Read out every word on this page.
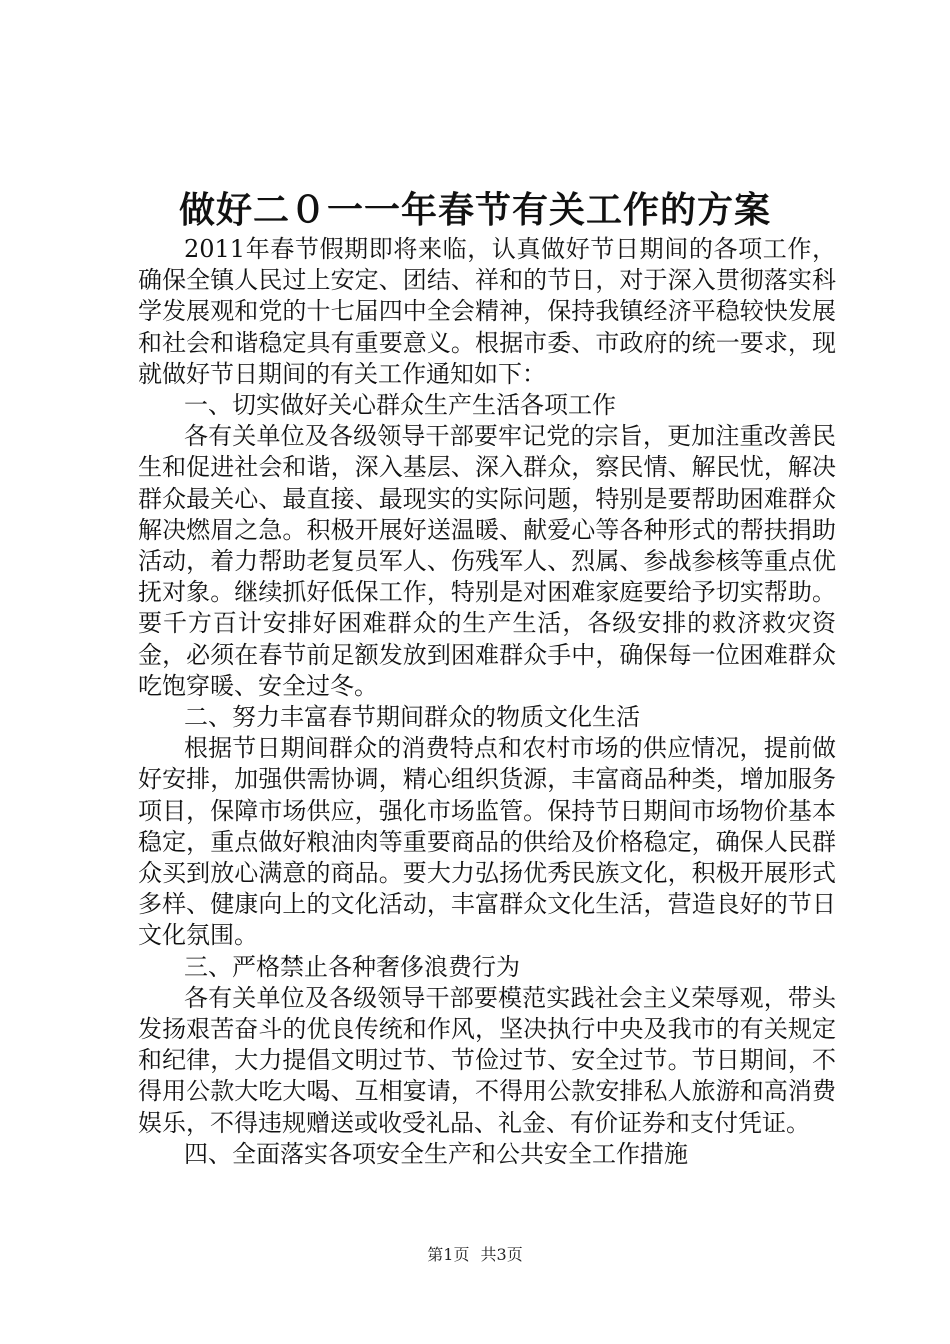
做好二０一一年春节有关工作的方案

2011年春节假期即将来临，认真做好节日期间的各项工作，确保全镇人民过上安定、团结、祥和的节日，对于深入贯彻落实科学发展观和党的十七届四中全会精神，保持我镇经济平稳较快发展和社会和谐稳定具有重要意义。根据市委、市政府的统一要求，现就做好节日期间的有关工作通知如下：

一、切实做好关心群众生产生活各项工作

各有关单位及各级领导干部要牢记党的宗旨，更加注重改善民生和促进社会和谐，深入基层、深入群众，察民情、解民忧，解决群众最关心、最直接、最现实的实际问题，特别是要帮助困难群众解决燃眉之急。积极开展好送温暖、献爱心等各种形式的帮扶捐助活动，着力帮助老复员军人、伤残军人、烈属、参战参核等重点优抚对象。继续抓好低保工作，特别是对困难家庭要给予切实帮助。要千方百计安排好困难群众的生产生活，各级安排的救济救灾资金，必须在春节前足额发放到困难群众手中，确保每一位困难群众吃饱穿暖、安全过冬。

二、努力丰富春节期间群众的物质文化生活

根据节日期间群众的消费特点和农村市场的供应情况，提前做好安排，加强供需协调，精心组织货源，丰富商品种类，增加服务项目，保障市场供应，强化市场监管。保持节日期间市场物价基本稳定，重点做好粮油肉等重要商品的供给及价格稳定，确保人民群众买到放心满意的商品。要大力弘扬优秀民族文化，积极开展形式多样、健康向上的文化活动，丰富群众文化生活，营造良好的节日文化氛围。

三、严格禁止各种奢侈浪费行为

各有关单位及各级领导干部要模范实践社会主义荣辱观，带头发扬艰苦奋斗的优良传统和作风，坚决执行中央及我市的有关规定和纪律，大力提倡文明过节、节俭过节、安全过节。节日期间，不得用公款大吃大喝、互相宴请，不得用公款安排私人旅游和高消费娱乐，不得违规赠送或收受礼品、礼金、有价证券和支付凭证。

四、全面落实各项安全生产和公共安全工作措施

第1页 共3页
